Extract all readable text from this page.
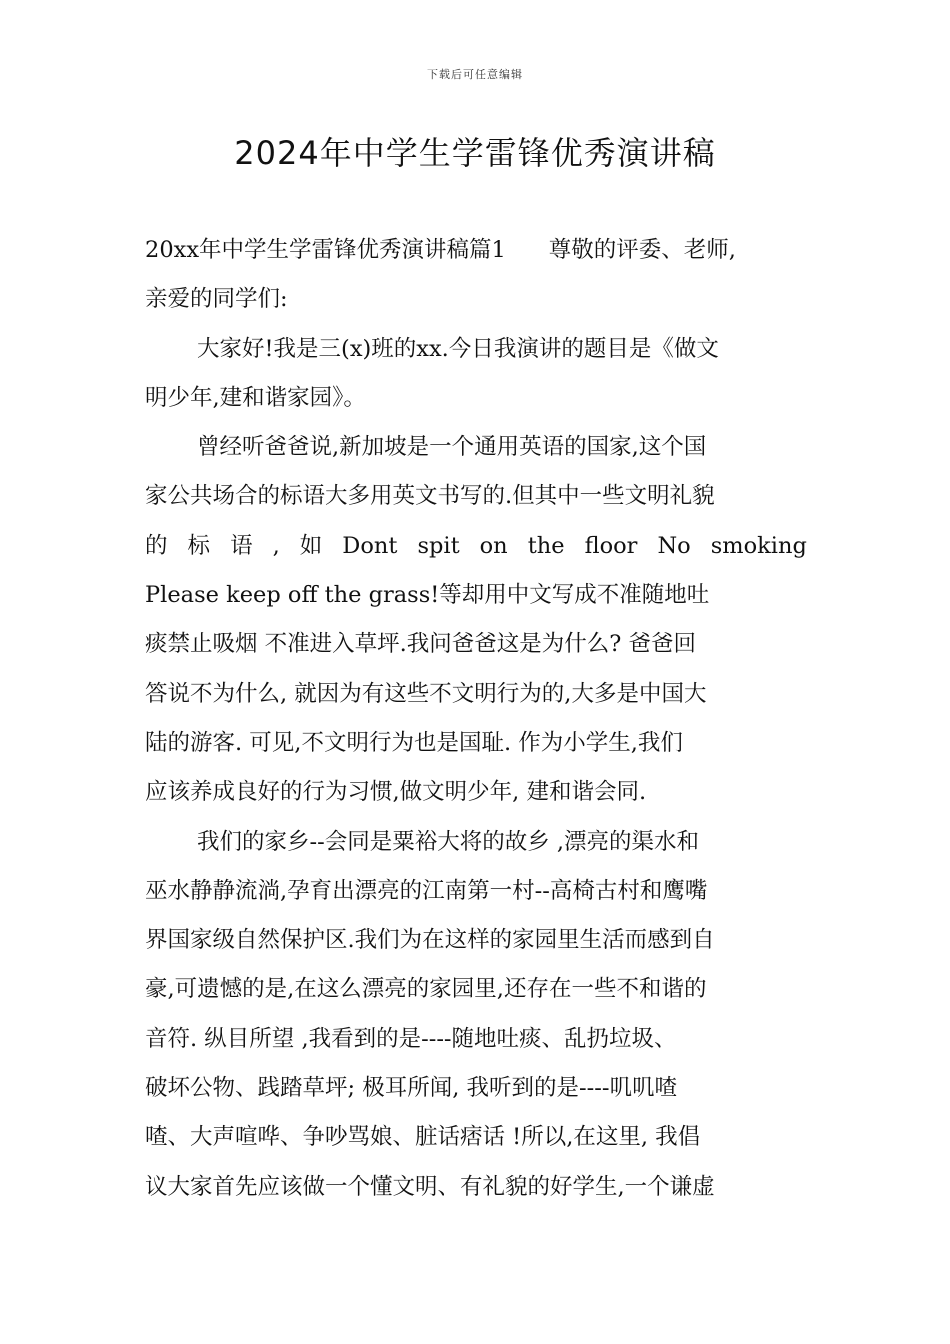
下载后可任意编辑
2024年中学生学雷锋优秀演讲稿
20xx年中学生学雷锋优秀演讲稿篇1      尊敬的评委、老师,
亲爱的同学们:
大家好!我是三(x)班的xx.今日我演讲的题目是《做文
明少年,建和谐家园》。
曾经听爸爸说,新加坡是一个通用英语的国家,这个国
家公共场合的标语大多用英文书写的.但其中一些文明礼貌
的 标 语 , 如 Dont spit on the floor No smoking
Please keep off the grass!等却用中文写成不准随地吐
痰禁止吸烟 不准进入草坪.我问爸爸这是为什么? 爸爸回
答说不为什么, 就因为有这些不文明行为的,大多是中国大
陆的游客. 可见,不文明行为也是国耻. 作为小学生,我们
应该养成良好的行为习惯,做文明少年, 建和谐会同.
我们的家乡--会同是粟裕大将的故乡 ,漂亮的渠水和
巫水静静流淌,孕育出漂亮的江南第一村--高椅古村和鹰嘴
界国家级自然保护区.我们为在这样的家园里生活而感到自
豪,可遗憾的是,在这么漂亮的家园里,还存在一些不和谐的
音符. 纵目所望 ,我看到的是----随地吐痰、乱扔垃圾、
破坏公物、践踏草坪; 极耳所闻, 我听到的是----叽叽喳
喳、大声喧哗、争吵骂娘、脏话痞话 !所以,在这里, 我倡
议大家首先应该做一个懂文明、有礼貌的好学生,一个谦虚
